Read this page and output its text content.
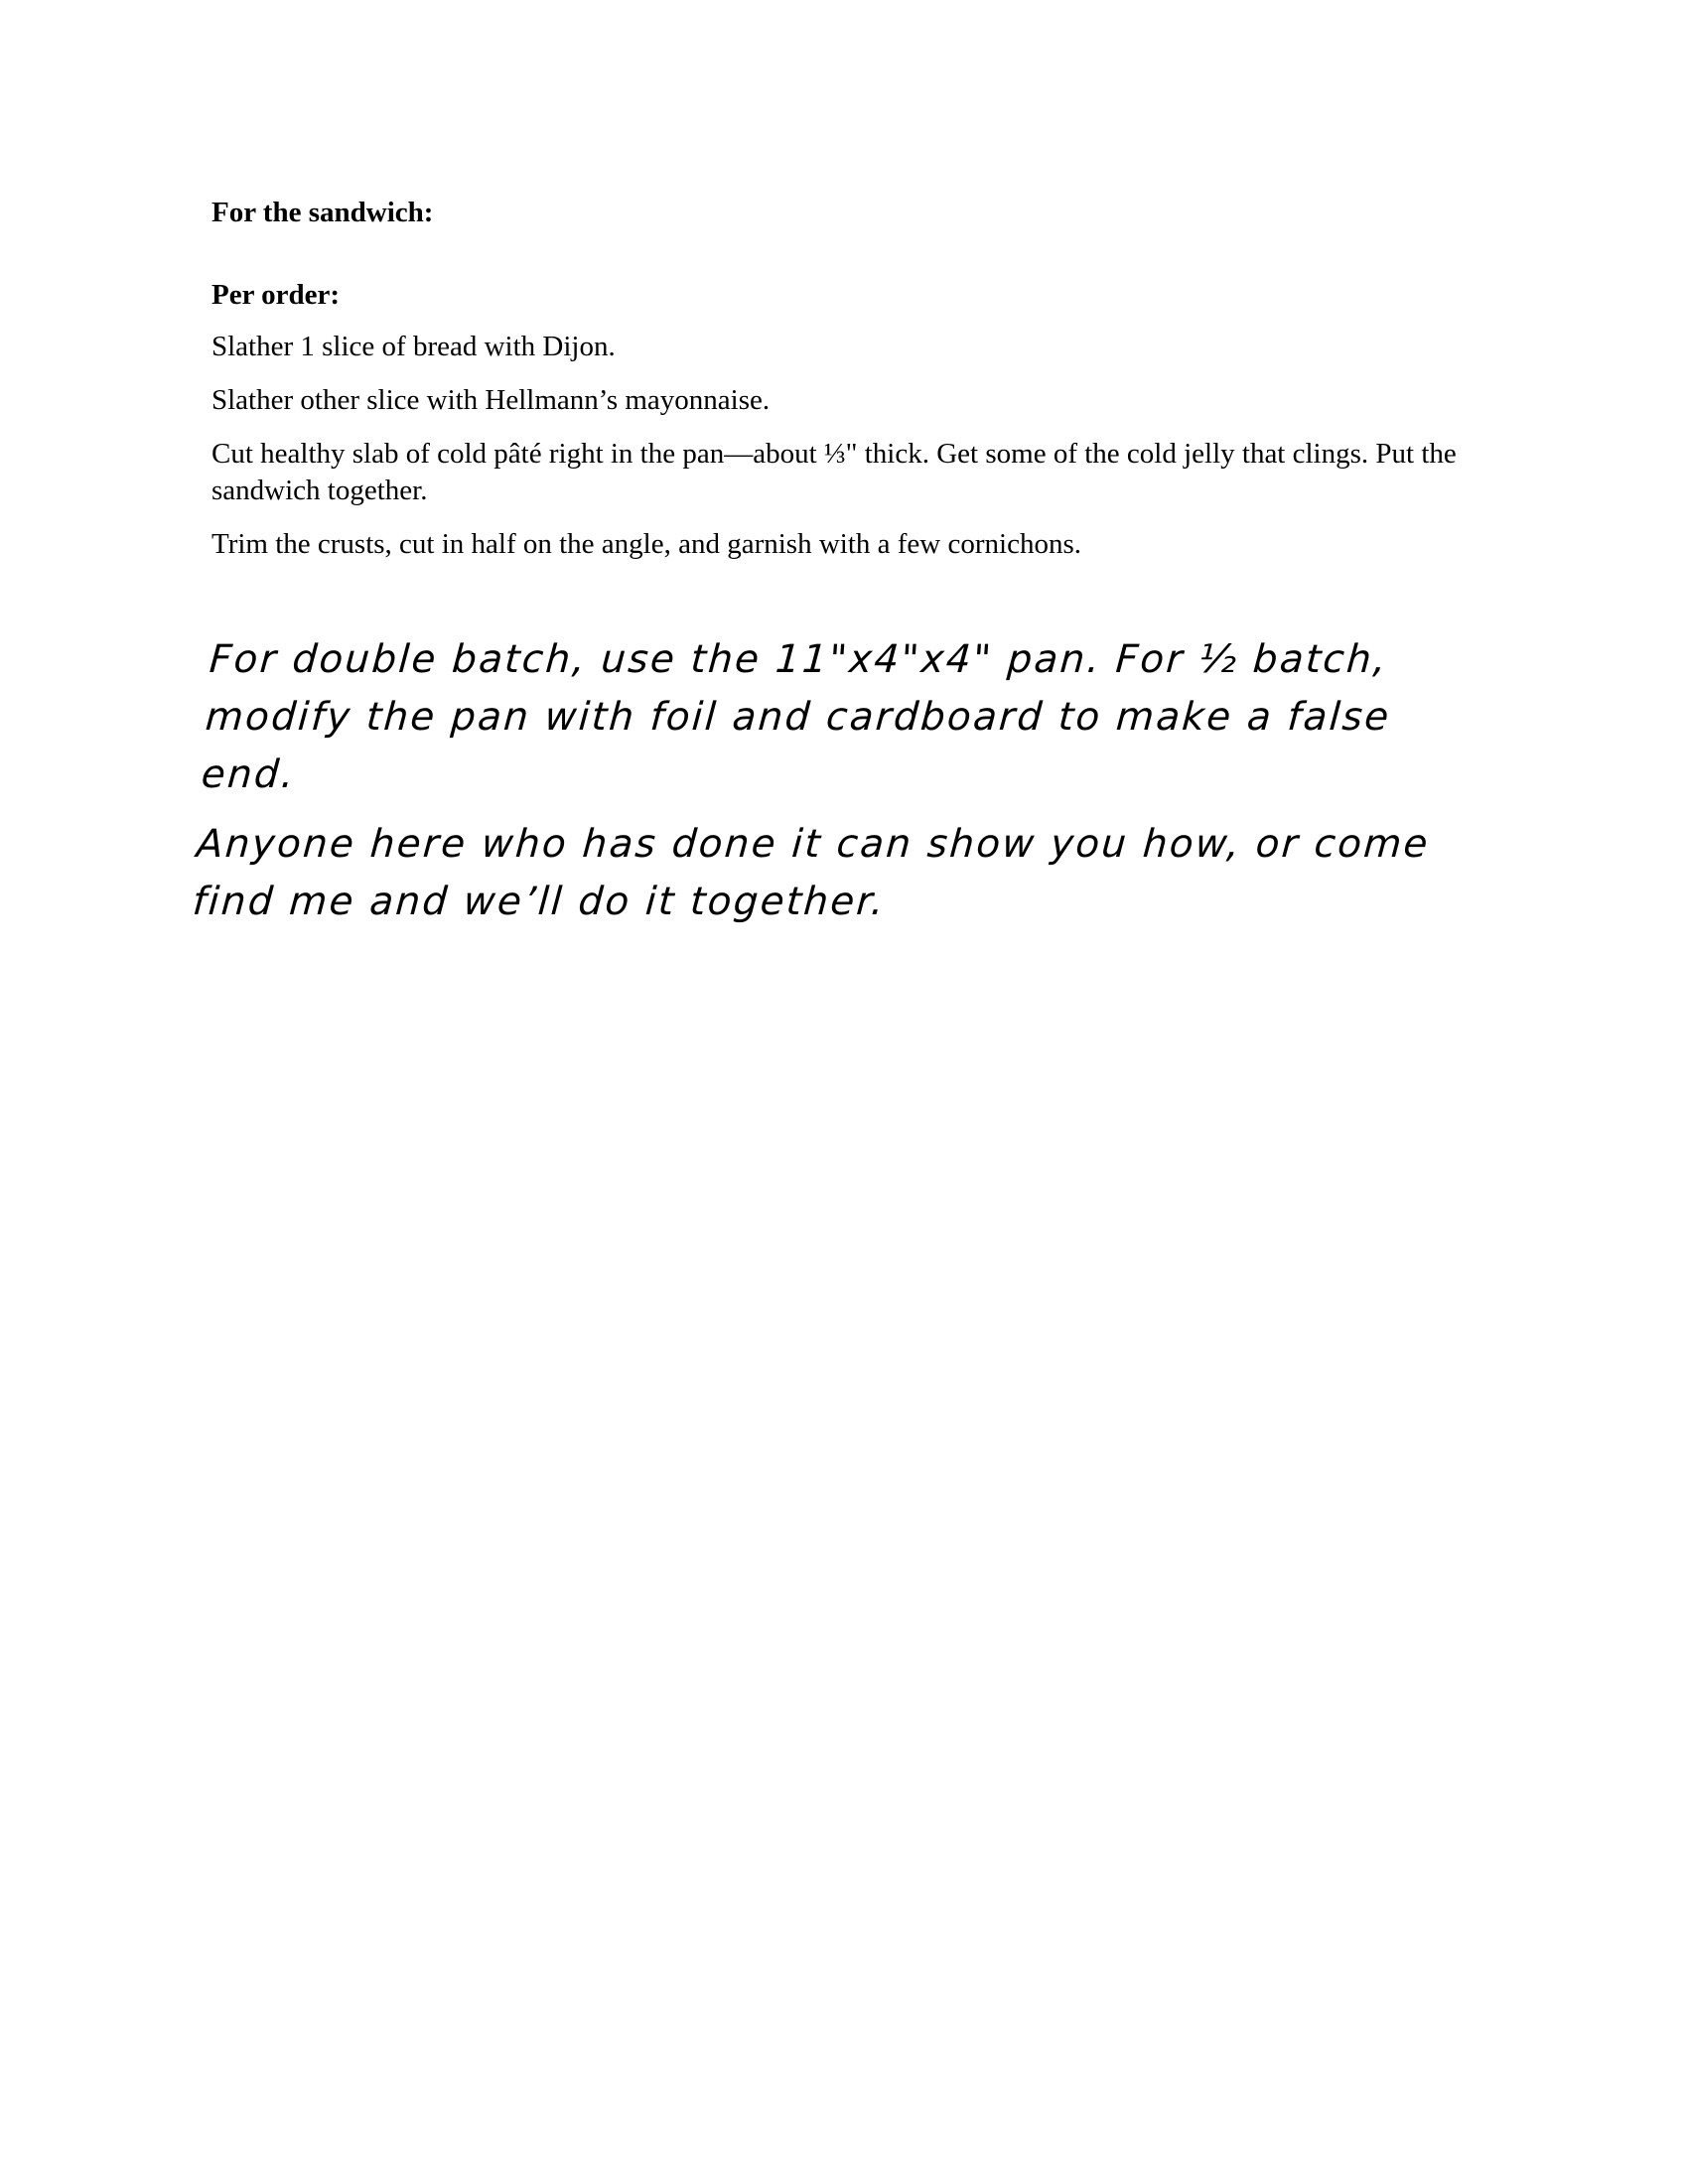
For the sandwich:

Per order:

Slather 1 slice of bread with Dijon.

Slather other slice with Hellmann’s mayonnaise.

Cut healthy slab of cold pâté right in the pan—about ⅓" thick. Get some of the cold jelly that clings. Put the sandwich together.

Trim the crusts, cut in half on the angle, and garnish with a few cornichons.

For double batch, use the 11"x4"x4" pan. For ½ batch, modify the pan with foil and cardboard to make a false end.

Anyone here who has done it can show you how, or come find me and we’ll do it together.
